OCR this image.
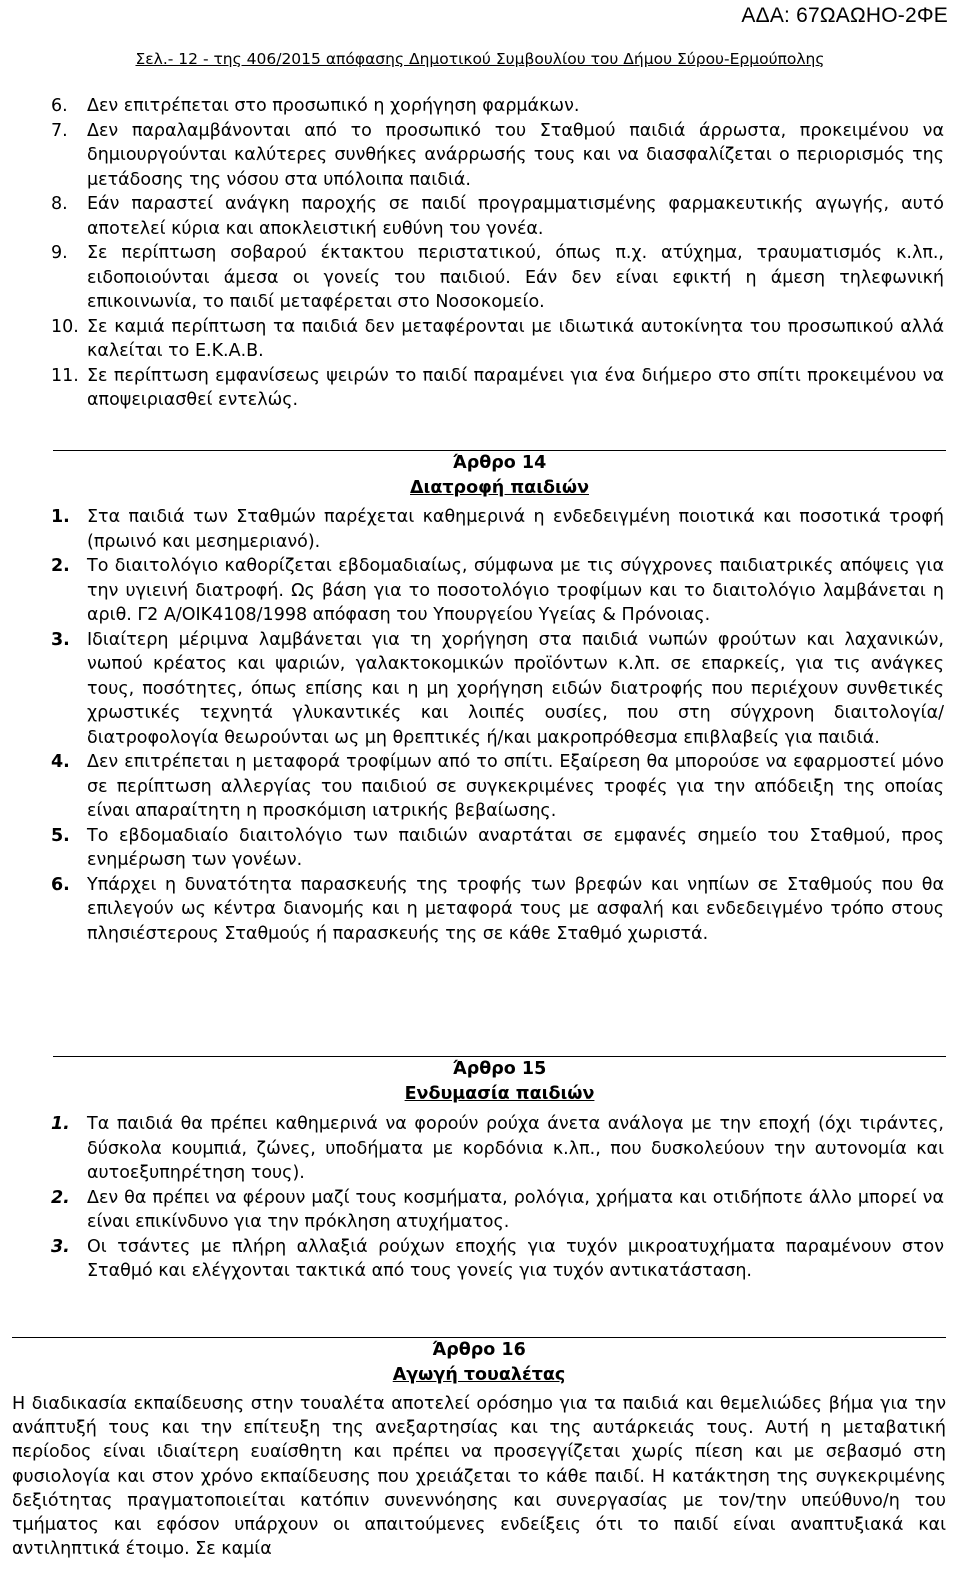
ΑΔΑ: 67ΩΑΩΗΟ-2ΦΕ
Σελ.- 12 - της 406/2015 απόφασης Δημοτικού Συμβουλίου του Δήμου Σύρου-Ερμούπολης
6. Δεν επιτρέπεται στο προσωπικό η χορήγηση φαρμάκων.
7. Δεν παραλαμβάνονται από το προσωπικό του Σταθμού παιδιά άρρωστα, προκειμένου να δημιουργούνται καλύτερες συνθήκες ανάρρωσής τους και να διασφαλίζεται ο περιορισμός της μετάδοσης της νόσου στα υπόλοιπα παιδιά.
8. Εάν παραστεί ανάγκη παροχής σε παιδί προγραμματισμένης φαρμακευτικής αγωγής, αυτό αποτελεί κύρια και αποκλειστική ευθύνη του γονέα.
9. Σε περίπτωση σοβαρού έκτακτου περιστατικού, όπως π.χ. ατύχημα, τραυματισμός κ.λπ., ειδοποιούνται άμεσα οι γονείς του παιδιού. Εάν δεν είναι εφικτή η άμεση τηλεφωνική επικοινωνία, το παιδί μεταφέρεται στο Νοσοκομείο.
10. Σε καμιά περίπτωση τα παιδιά δεν μεταφέρονται με ιδιωτικά αυτοκίνητα του προσωπικού αλλά καλείται το Ε.Κ.Α.Β.
11. Σε περίπτωση εμφανίσεως ψειρών το παιδί παραμένει για ένα διήμερο στο σπίτι προκειμένου να αποψειριασθεί εντελώς.
Άρθρο 14
Διατροφή παιδιών
1. Στα παιδιά των Σταθμών παρέχεται καθημερινά η ενδεδειγμένη ποιοτικά και ποσοτικά τροφή (πρωινό και μεσημεριανό).
2. Το διαιτολόγιο καθορίζεται εβδομαδιαίως, σύμφωνα με τις σύγχρονες παιδιατρικές απόψεις για την υγιεινή διατροφή. Ως βάση για το ποσοτολόγιο τροφίμων και το διαιτολόγιο λαμβάνεται η αριθ. Γ2 Α/ΟΙΚ4108/1998 απόφαση του Υπουργείου Υγείας & Πρόνοιας.
3. Ιδιαίτερη μέριμνα λαμβάνεται για τη χορήγηση στα παιδιά νωπών φρούτων και λαχανικών, νωπού κρέατος και ψαριών, γαλακτοκομικών προϊόντων κ.λπ. σε επαρκείς, για τις ανάγκες τους, ποσότητες, όπως επίσης και η μη χορήγηση ειδών διατροφής που περιέχουν συνθετικές χρωστικές τεχνητά γλυκαντικές και λοιπές ουσίες, που στη σύγχρονη διαιτολογία/διατροφολογία θεωρούνται ως μη θρεπτικές ή/και μακροπρόθεσμα επιβλαβείς για παιδιά.
4. Δεν επιτρέπεται η μεταφορά τροφίμων από το σπίτι. Εξαίρεση θα μπορούσε να εφαρμοστεί μόνο σε περίπτωση αλλεργίας του παιδιού σε συγκεκριμένες τροφές για την απόδειξη της οποίας είναι απαραίτητη η προσκόμιση ιατρικής βεβαίωσης.
5. Το εβδομαδιαίο διαιτολόγιο των παιδιών αναρτάται σε εμφανές σημείο του Σταθμού, προς ενημέρωση των γονέων.
6. Υπάρχει η δυνατότητα παρασκευής της τροφής των βρεφών και νηπίων σε Σταθμούς που θα επιλεγούν ως κέντρα διανομής και η μεταφορά τους με ασφαλή και ενδεδειγμένο τρόπο στους πλησιέστερους Σταθμούς ή παρασκευής της σε κάθε Σταθμό χωριστά.
Άρθρο 15
Ενδυμασία παιδιών
1. Τα παιδιά θα πρέπει καθημερινά να φορούν ρούχα άνετα ανάλογα με την εποχή (όχι τιράντες, δύσκολα κουμπιά, ζώνες, υποδήματα με κορδόνια κ.λπ., που δυσκολεύουν την αυτονομία και αυτοεξυπηρέτηση τους).
2. Δεν θα πρέπει να φέρουν μαζί τους κοσμήματα, ρολόγια, χρήματα και οτιδήποτε άλλο μπορεί να είναι επικίνδυνο για την πρόκληση ατυχήματος.
3. Οι τσάντες με πλήρη αλλαξιά ρούχων εποχής για τυχόν μικροατυχήματα παραμένουν στον Σταθμό και ελέγχονται τακτικά από τους γονείς για τυχόν αντικατάσταση.
Άρθρο 16
Αγωγή τουαλέτας
Η διαδικασία εκπαίδευσης στην τουαλέτα αποτελεί ορόσημο για τα παιδιά και θεμελιώδες βήμα για την ανάπτυξή τους και την επίτευξη της ανεξαρτησίας και της αυτάρκειάς τους. Αυτή η μεταβατική περίοδος είναι ιδιαίτερη ευαίσθητη και πρέπει να προσεγγίζεται χωρίς πίεση και με σεβασμό στη φυσιολογία και στον χρόνο εκπαίδευσης που χρειάζεται το κάθε παιδί. Η κατάκτηση της συγκεκριμένης δεξιότητας πραγματοποιείται κατόπιν συνεννόησης και συνεργασίας με τον/την υπεύθυνο/η του τμήματος και εφόσον υπάρχουν οι απαιτούμενες ενδείξεις ότι το παιδί είναι αναπτυξιακά και αντιληπτικά έτοιμο. Σε καμία
